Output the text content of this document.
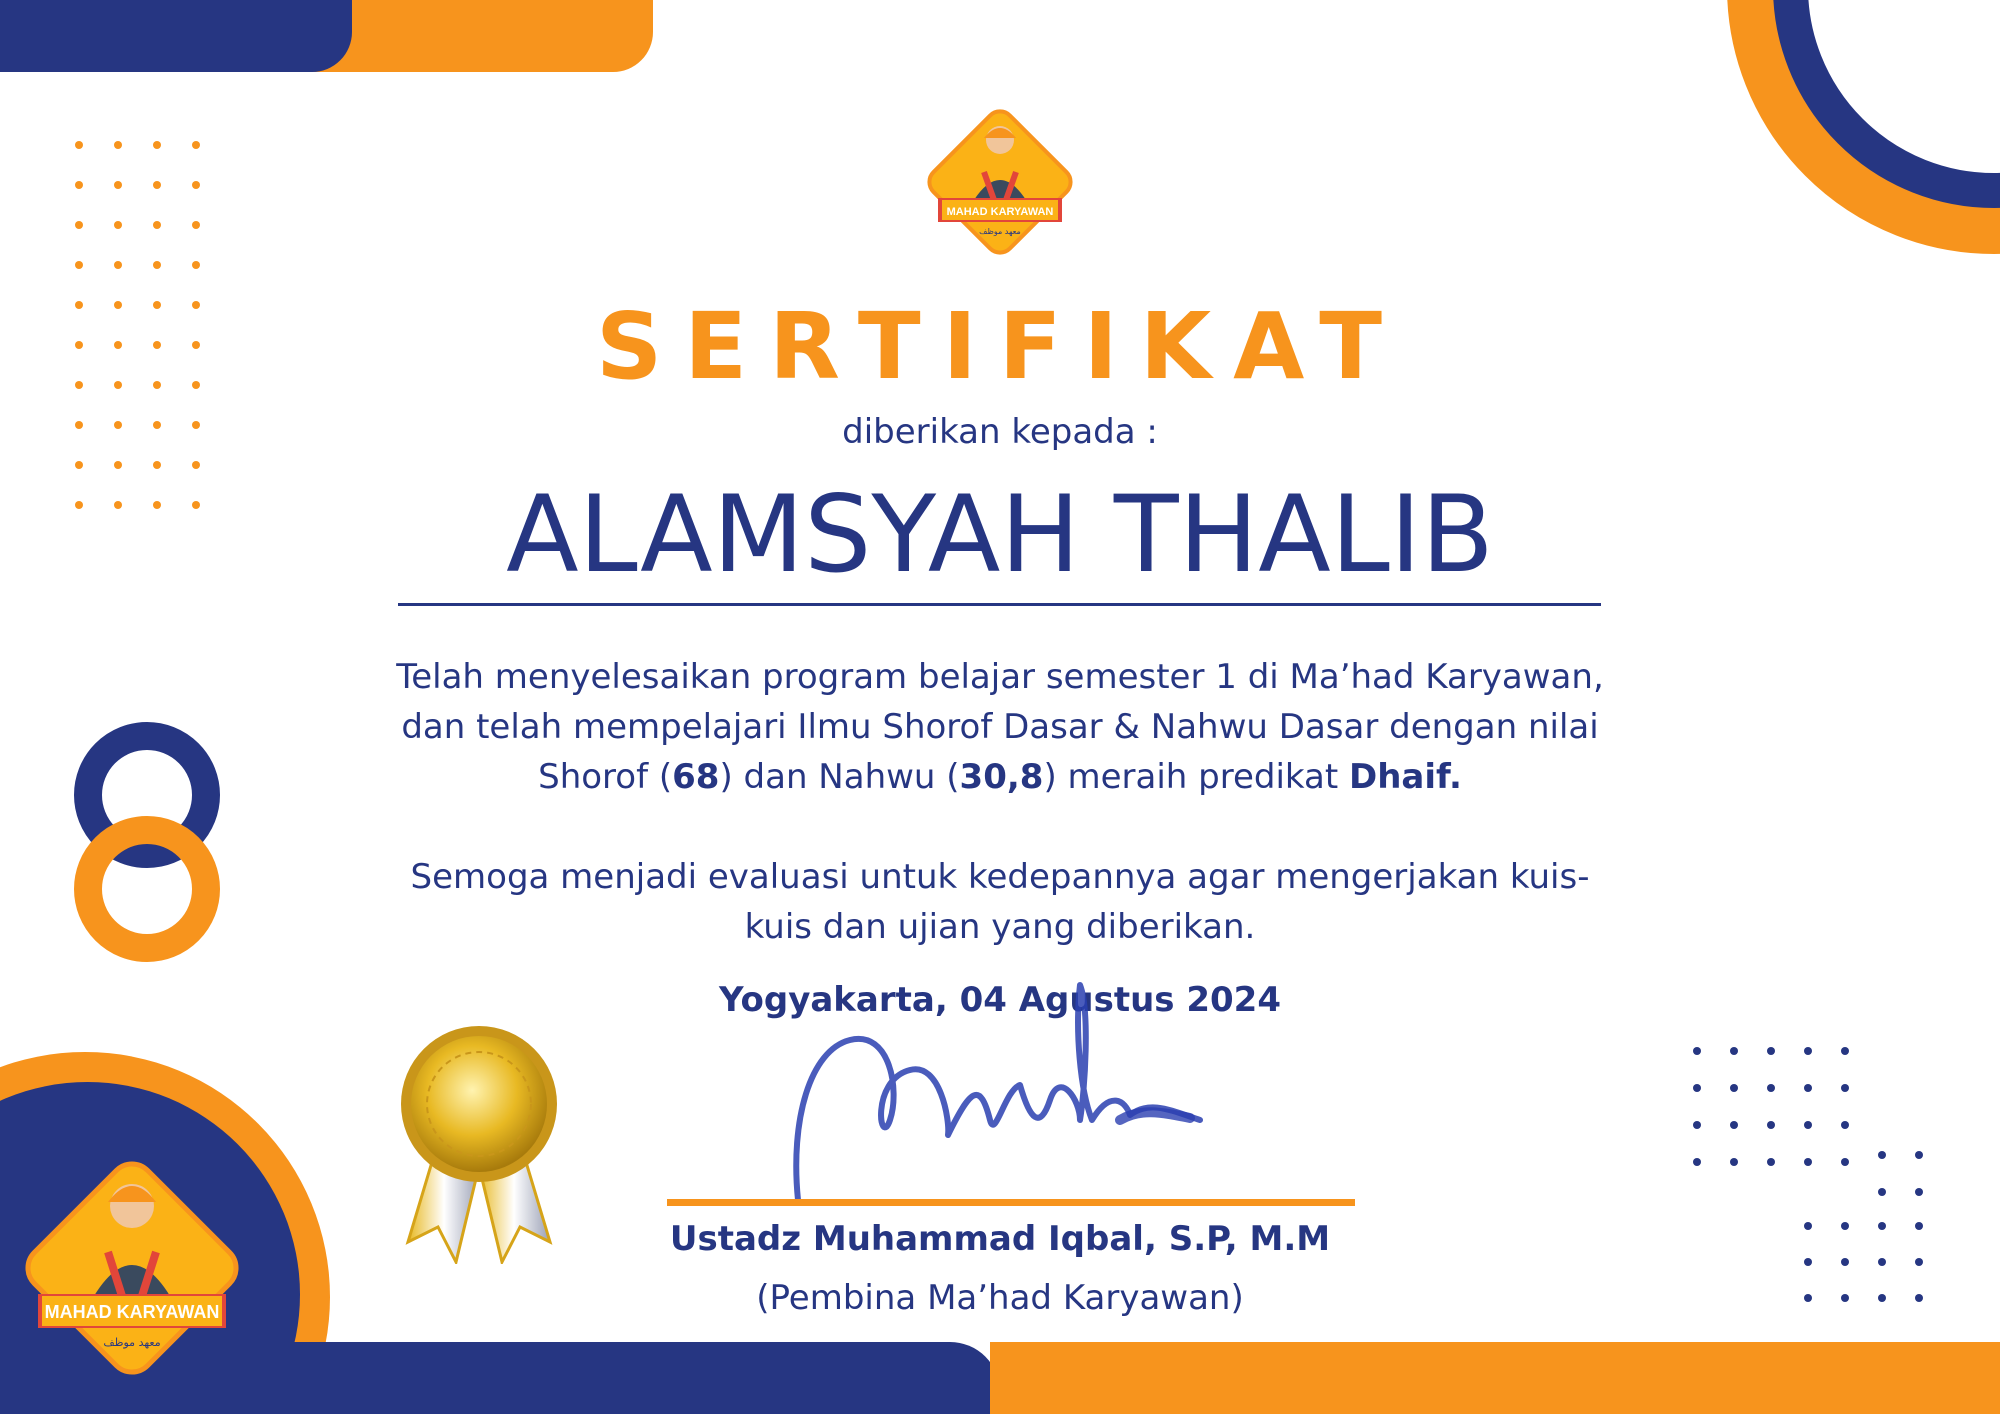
MAHAD KARYAWAN
معهد موظف
MAHAD KARYAWAN
معهد موظف
SERTIFIKAT
diberikan kepada :
ALAMSYAH THALIB
Telah menyelesaikan program belajar semester 1 di Ma’had Karyawan,
dan telah mempelajari Ilmu Shorof Dasar & Nahwu Dasar dengan nilai
Shorof (68) dan Nahwu (30,8) meraih predikat Dhaif.
Semoga menjadi evaluasi untuk kedepannya agar mengerjakan kuis-
kuis dan ujian yang diberikan.
Yogyakarta, 04 Agustus 2024
Ustadz Muhammad Iqbal, S.P, M.M
(Pembina Ma’had Karyawan)
